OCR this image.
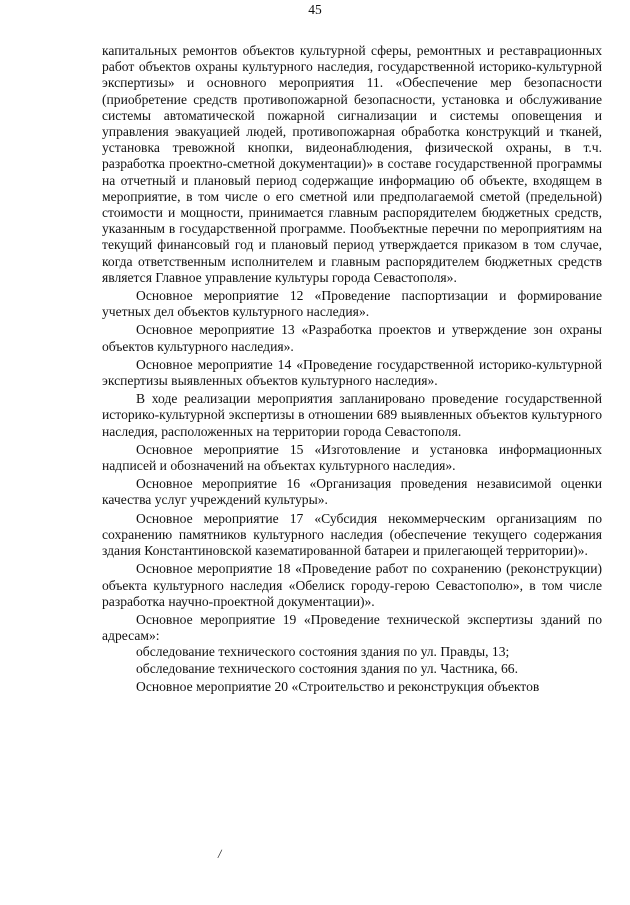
45

капитальных ремонтов объектов культурной сферы, ремонтных и реставрационных работ объектов охраны культурного наследия, государственной историко-культурной экспертизы» и основного мероприятия 11. «Обеспечение мер безопасности (приобретение средств противопожарной безопасности, установка и обслуживание системы автоматической пожарной сигнализации и системы оповещения и управления эвакуацией людей, противопожарная обработка конструкций и тканей, установка тревожной кнопки, видеонаблюдения, физической охраны, в т.ч. разработка проектно-сметной документации)» в составе государственной программы на отчетный и плановый период содержащие информацию об объекте, входящем в мероприятие, в том числе о его сметной или предполагаемой сметой (предельной) стоимости и мощности, принимается главным распорядителем бюджетных средств, указанным в государственной программе. Пообъектные перечни по мероприятиям на текущий финансовый год и плановый период утверждается приказом в том случае, когда ответственным исполнителем и главным распорядителем бюджетных средств является Главное управление культуры города Севастополя».

Основное мероприятие 12 «Проведение паспортизации и формирование учетных дел объектов культурного наследия».

Основное мероприятие 13 «Разработка проектов и утверждение зон охраны объектов культурного наследия».

Основное мероприятие 14 «Проведение государственной историко-культурной экспертизы выявленных объектов культурного наследия».

В ходе реализации мероприятия запланировано проведение государственной историко-культурной экспертизы в отношении 689 выявленных объектов культурного наследия, расположенных на территории города Севастополя.

Основное мероприятие 15 «Изготовление и установка информационных надписей и обозначений на объектах культурного наследия».

Основное мероприятие 16 «Организация проведения независимой оценки качества услуг учреждений культуры».

Основное мероприятие 17 «Субсидия некоммерческим организациям по сохранению памятников культурного наследия (обеспечение текущего содержания здания Константиновской казематированной батареи и прилегающей территории)».

Основное мероприятие 18 «Проведение работ по сохранению (реконструкции) объекта культурного наследия «Обелиск городу-герою Севастополю», в том числе разработка научно-проектной документации)».

Основное мероприятие 19 «Проведение технической экспертизы зданий по адресам»:

обследование технического состояния здания по ул. Правды, 13;

обследование технического состояния здания по ул. Частника, 66.

Основное мероприятие 20 «Строительство и реконструкция объектов

/
